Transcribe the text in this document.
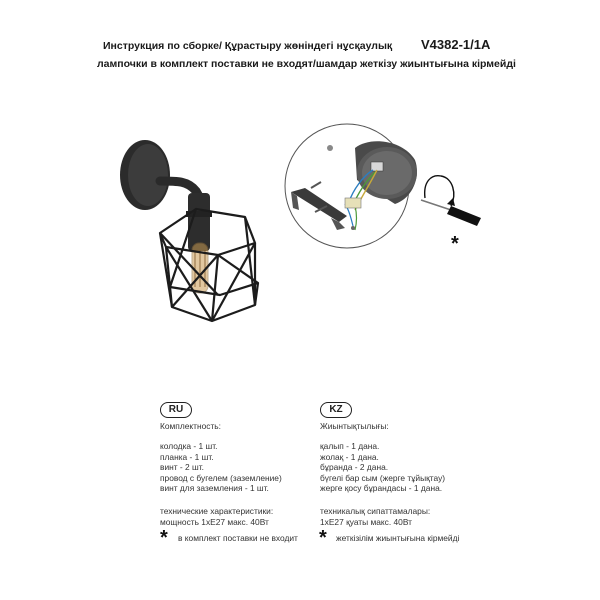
Инструкция по сборке/ Құрастыру жөніндегі нұсқаулық V4382-1/1A
лампочки в комплект поставки не входят/шамдар жеткізу жиынтығына кірмейді
*
RU
Комплектность:
колодка - 1 шт.
планка - 1 шт.
винт - 2 шт.
провод с бугелем (заземление)
винт для заземления - 1 шт.
технические характеристики:
мощность 1хЕ27 макс. 40Вт
* в комплект поставки не входит
KZ
Жиынтықтылығы:
қалып - 1 дана.
жолақ - 1 дана.
бұранда - 2 дана.
бүгелі бар сым (жерге тұйықтау)
жерге қосу бұрандасы - 1 дана.
техникалық сипаттамалары:
1хЕ27 қуаты макс. 40Вт
* жеткізілім жиынтығына кірмейді
